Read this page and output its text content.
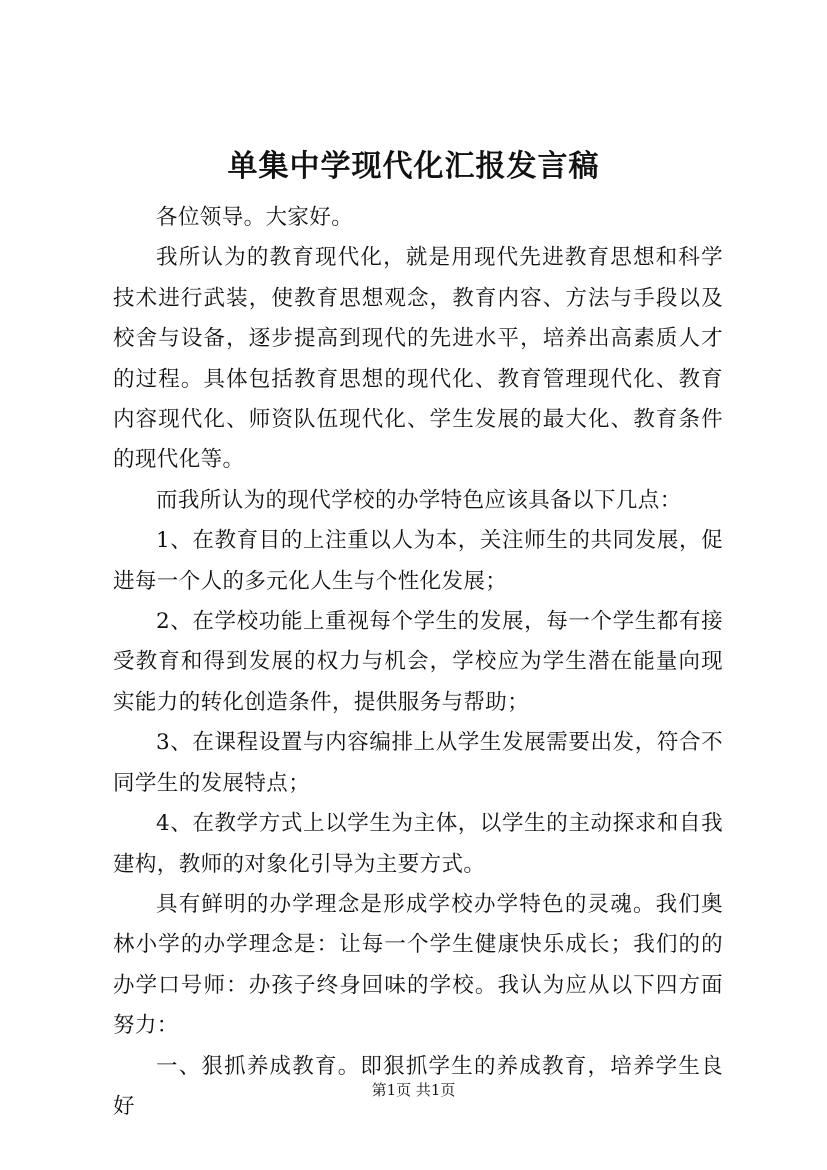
单集中学现代化汇报发言稿

各位领导。大家好。

我所认为的教育现代化，就是用现代先进教育思想和科学技术进行武装，使教育思想观念，教育内容、方法与手段以及校舍与设备，逐步提高到现代的先进水平，培养出高素质人才的过程。具体包括教育思想的现代化、教育管理现代化、教育内容现代化、师资队伍现代化、学生发展的最大化、教育条件的现代化等。

而我所认为的现代学校的办学特色应该具备以下几点：

1、在教育目的上注重以人为本，关注师生的共同发展，促进每一个人的多元化人生与个性化发展；

2、在学校功能上重视每个学生的发展，每一个学生都有接受教育和得到发展的权力与机会，学校应为学生潜在能量向现实能力的转化创造条件，提供服务与帮助；

3、在课程设置与内容编排上从学生发展需要出发，符合不同学生的发展特点；

4、在教学方式上以学生为主体，以学生的主动探求和自我建构，教师的对象化引导为主要方式。

具有鲜明的办学理念是形成学校办学特色的灵魂。我们奥林小学的办学理念是：让每一个学生健康快乐成长；我们的的办学口号师：办孩子终身回味的学校。我认为应从以下四方面努力：

一、狠抓养成教育。即狠抓学生的养成教育，培养学生良好

第1页 共1页
